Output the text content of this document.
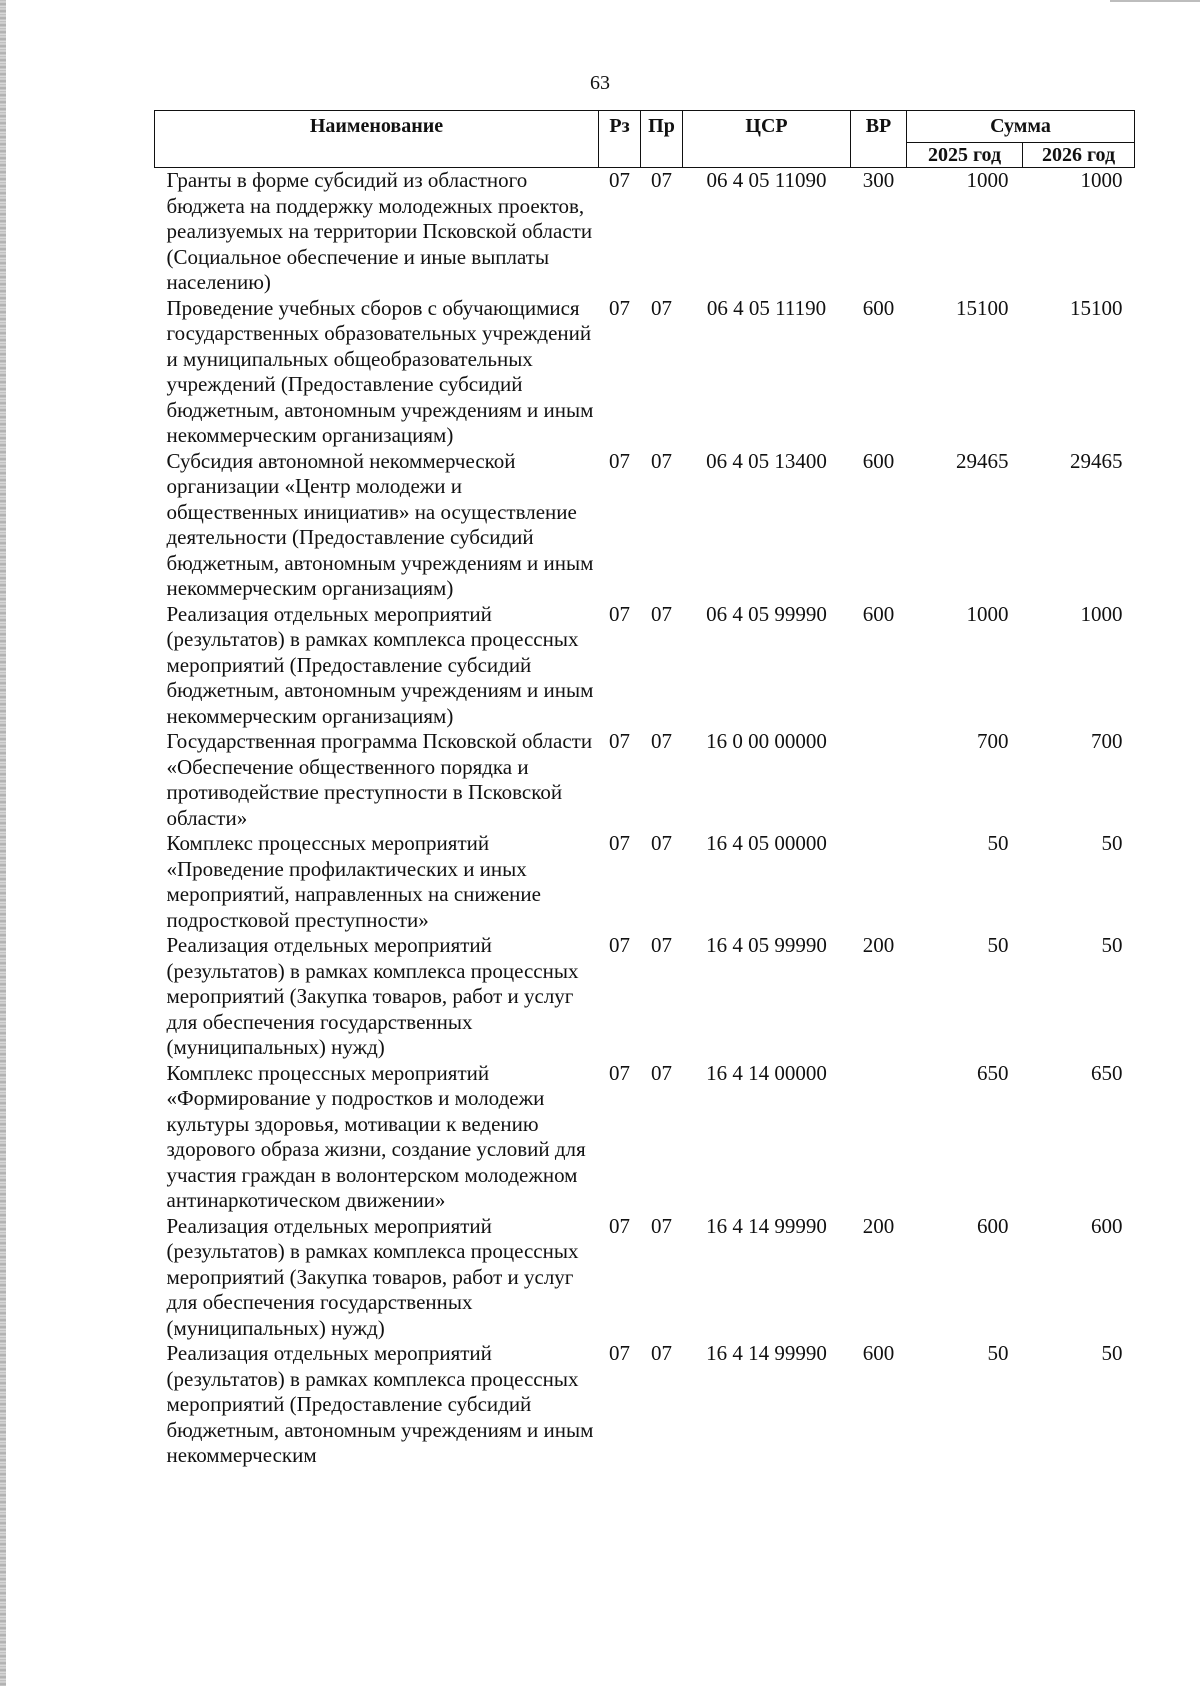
63
Наименование	Рз	Пр	ЦСР	ВР	Сумма	
					2025 год	2026 год
Гранты в форме субсидий из областного бюджета на поддержку молодежных проектов, реализуемых на территории Псковской области (Социальное обеспечение и иные выплаты населению)	07	07	06 4 05 11090	300	1000	1000
Проведение учебных сборов с обучающимися государственных образовательных учреждений и муниципальных общеобразовательных учреждений (Предоставление субсидий бюджетным, автономным учреждениям и иным некоммерческим организациям)	07	07	06 4 05 11190	600	15100	15100
Субсидия автономной некоммерческой организации «Центр молодежи и общественных инициатив» на осуществление деятельности (Предоставление субсидий бюджетным, автономным учреждениям и иным некоммерческим организациям)	07	07	06 4 05 13400	600	29465	29465
Реализация отдельных мероприятий (результатов) в рамках комплекса процессных мероприятий (Предоставление субсидий бюджетным, автономным учреждениям и иным некоммерческим организациям)	07	07	06 4 05 99990	600	1000	1000
Государственная программа Псковской области «Обеспечение общественного порядка и противодействие преступности в Псковской области»	07	07	16 0 00 00000		700	700
Комплекс процессных мероприятий «Проведение профилактических и иных мероприятий, направленных на снижение подростковой преступности»	07	07	16 4 05 00000		50	50
Реализация отдельных мероприятий (результатов) в рамках комплекса процессных мероприятий (Закупка товаров, работ и услуг для обеспечения государственных (муниципальных) нужд)	07	07	16 4 05 99990	200	50	50
Комплекс процессных мероприятий «Формирование у подростков и молодежи культуры здоровья, мотивации к ведению здорового образа жизни, создание условий для участия граждан в волонтерском молодежном антинаркотическом движении»	07	07	16 4 14 00000		650	650
Реализация отдельных мероприятий (результатов) в рамках комплекса процессных мероприятий (Закупка товаров, работ и услуг для обеспечения государственных (муниципальных) нужд)	07	07	16 4 14 99990	200	600	600
Реализация отдельных мероприятий (результатов) в рамках комплекса процессных мероприятий (Предоставление субсидий бюджетным, автономным учреждениям и иным некоммерческим	07	07	16 4 14 99990	600	50	50
